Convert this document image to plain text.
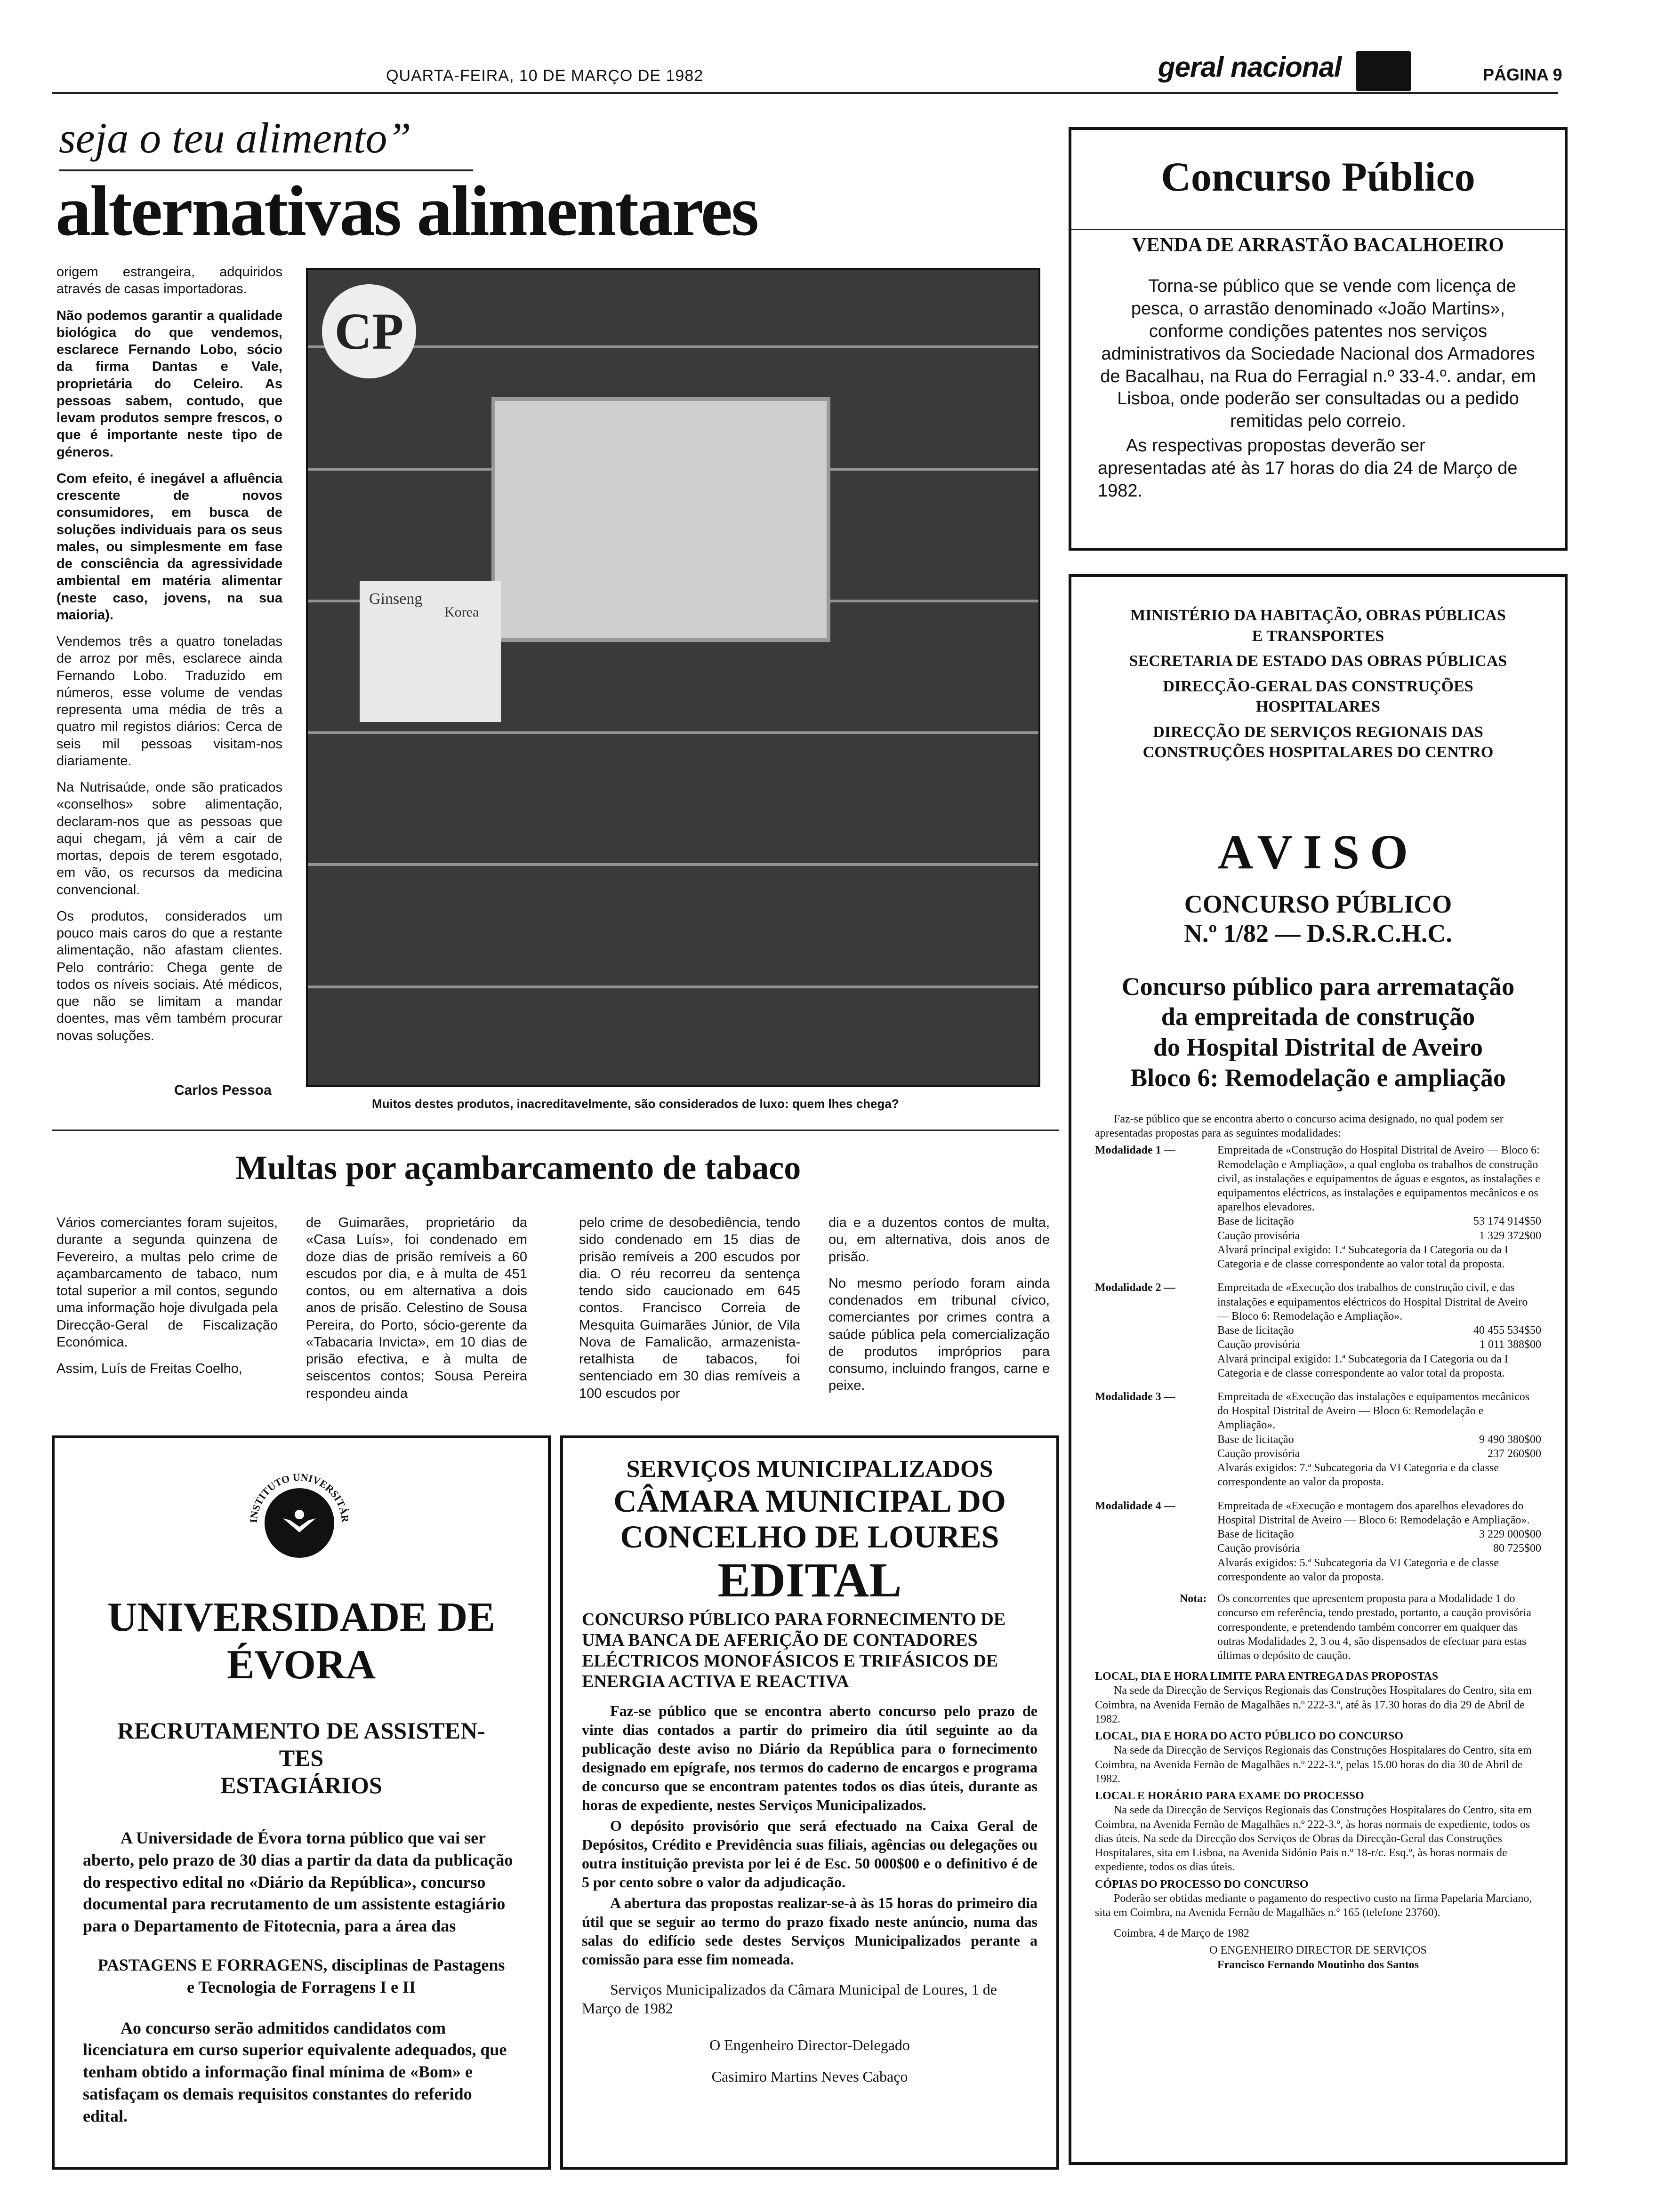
QUARTA-FEIRA, 10 DE MARÇO DE 1982	geral nacional	PÁGINA 9
seja o teu alimento”
alternativas alimentares

origem estrangeira, adquiridos através de casas importadoras.

Não podemos garantir a qualidade biológica do que vendemos, esclarece Fernando Lobo, sócio da firma Dantas e Vale, proprietária do Celeiro. As pessoas sabem, contudo, que levam produtos sempre frescos, o que é importante neste tipo de géneros.

Com efeito, é inegável a afluência crescente de novos consumidores, em busca de soluções individuais para os seus males, ou simplesmente em fase de consciência da agressividade ambiental em matéria alimentar (neste caso, jovens, na sua maioria).

Vendemos três a quatro toneladas de arroz por mês, esclarece ainda Fernando Lobo. Traduzido em números, esse volume de vendas representa uma média de três a quatro mil registos diários: Cerca de seis mil pessoas visitam-nos diariamente.

Na Nutrisaúde, onde são praticados «conselhos» sobre alimentação, declaram-nos que as pessoas que aqui chegam, já vêm a cair de mortas, depois de terem esgotado, em vão, os recursos da medicina convencional.

Os produtos, considerados um pouco mais caros do que a restante alimentação, não afastam clientes. Pelo contrário: Chega gente de todos os níveis sociais. Até médicos, que não se limitam a mandar doentes, mas vêm também procurar novas soluções.

Carlos Pessoa
CP
Ginseng
Korea
Muitos destes produtos, inacreditavelmente, são considerados de luxo: quem lhes chega?
Multas por açambarcamento de tabaco

Vários comerciantes foram sujeitos, durante a segunda quinzena de Fevereiro, a multas pelo crime de açambarcamento de tabaco, num total superior a mil contos, segundo uma informação hoje divulgada pela Direcção-Geral de Fiscalização Económica.

Assim, Luís de Freitas Coelho,

de Guimarães, proprietário da «Casa Luís», foi condenado em doze dias de prisão remíveis a 60 escudos por dia, e à multa de 451 contos, ou em alternativa a dois anos de prisão. Celestino de Sousa Pereira, do Porto, sócio-gerente da «Tabacaria Invicta», em 10 dias de prisão efectiva, e à multa de seiscentos contos; Sousa Pereira respondeu ainda

pelo crime de desobediência, tendo sido condenado em 15 dias de prisão remíveis a 200 escudos por dia. O réu recorreu da sentença tendo sido caucionado em 645 contos. Francisco Correia de Mesquita Guimarães Júnior, de Vila Nova de Famalicão, armazenista-retalhista de tabacos, foi sentenciado em 30 dias remíveis a 100 escudos por

dia e a duzentos contos de multa, ou, em alternativa, dois anos de prisão.

No mesmo período foram ainda condenados em tribunal cívico, comerciantes por crimes contra a saúde pública pela comercialização de produtos impróprios para consumo, incluindo frangos, carne e peixe.

Concurso Público
VENDA DE ARRASTÃO BACALHOEIRO
Torna-se público que se vende com licença de pesca, o arrastão denominado «João Martins», conforme condições patentes nos serviços administrativos da Sociedade Nacional dos Armadores de Bacalhau, na Rua do Ferragial n.º 33-4.º. andar, em Lisboa, onde poderão ser consultadas ou a pedido remitidas pelo correio.
As respectivas propostas deverão ser apresentadas até às 17 horas do dia 24 de Março de 1982.
MINISTÉRIO DA HABITAÇÃO, OBRAS PÚBLICAS
E TRANSPORTES
SECRETARIA DE ESTADO DAS OBRAS PÚBLICAS
DIRECÇÃO-GERAL DAS CONSTRUÇÕES
HOSPITALARES
DIRECÇÃO DE SERVIÇOS REGIONAIS DAS
CONSTRUÇÕES HOSPITALARES DO CENTRO
AVISO
CONCURSO PÚBLICO
N.º 1/82 — D.S.R.C.H.C.
Concurso público para arrematação
da empreitada de construção
do Hospital Distrital de Aveiro
Bloco 6: Remodelação e ampliação
Faz-se público que se encontra aberto o concurso acima designado, no qual podem ser apresentadas propostas para as seguintes modalidades:
Modalidade 1 —	Empreitada de «Construção do Hospital Distrital de Aveiro — Bloco 6: Remodelação e Ampliação», a qual engloba os trabalhos de construção civil, as instalações e equipamentos de águas e esgotos, as instalações e equipamentos eléctricos, as instalações e equipamentos mecânicos e os aparelhos elevadores.
Base de licitação	53 174 914$50
Caução provisória	1 329 372$00
Alvará principal exigido: 1.ª Subcategoria da I Categoria ou da I Categoria e de classe correspondente ao valor total da proposta.
Modalidade 2 —	Empreitada de «Execução dos trabalhos de construção civil, e das instalações e equipamentos eléctricos do Hospital Distrital de Aveiro — Bloco 6: Remodelação e Ampliação».
Base de licitação	40 455 534$50
Caução provisória	1 011 388$00
Alvará principal exigido: 1.ª Subcategoria da I Categoria ou da I Categoria e de classe correspondente ao valor total da proposta.
Modalidade 3 —	Empreitada de «Execução das instalações e equipamentos mecânicos do Hospital Distrital de Aveiro — Bloco 6: Remodelação e Ampliação».
Base de licitação	9 490 380$00
Caução provisória	237 260$00
Alvarás exigidos: 7.ª Subcategoria da VI Categoria e da classe correspondente ao valor da proposta.
Modalidade 4 —	Empreitada de «Execução e montagem dos aparelhos elevadores do Hospital Distrital de Aveiro — Bloco 6: Remodelação e Ampliação».
Base de licitação	3 229 000$00
Caução provisória	80 725$00
Alvarás exigidos: 5.ª Subcategoria da VI Categoria e de classe correspondente ao valor da proposta.
Nota: Os concorrentes que apresentem proposta para a Modalidade 1 do concurso em referência, tendo prestado, portanto, a caução provisória correspondente, e pretendendo também concorrer em qualquer das outras Modalidades 2, 3 ou 4, são dispensados de efectuar para estas últimas o depósito de caução.
LOCAL, DIA E HORA LIMITE PARA ENTREGA DAS PROPOSTAS
Na sede da Direcção de Serviços Regionais das Construções Hospitalares do Centro, sita em Coimbra, na Avenida Fernão de Magalhães n.º 222-3.º, até às 17.30 horas do dia 29 de Abril de 1982.
LOCAL, DIA E HORA DO ACTO PÚBLICO DO CONCURSO
Na sede da Direcção de Serviços Regionais das Construções Hospitalares do Centro, sita em Coimbra, na Avenida Fernão de Magalhães n.º 222-3.º, pelas 15.00 horas do dia 30 de Abril de 1982.
LOCAL E HORÁRIO PARA EXAME DO PROCESSO
Na sede da Direcção de Serviços Regionais das Construções Hospitalares do Centro, sita em Coimbra, na Avenida Fernão de Magalhães n.º 222-3.º, às horas normais de expediente, todos os dias úteis. Na sede da Direcção dos Serviços de Obras da Direcção-Geral das Construções Hospitalares, sita em Lisboa, na Avenida Sidónio Pais n.º 18-r/c. Esq.º, às horas normais de expediente, todos os dias úteis.
CÓPIAS DO PROCESSO DO CONCURSO
Poderão ser obtidas mediante o pagamento do respectivo custo na firma Papelaria Marciano, sita em Coimbra, na Avenida Fernão de Magalhães n.º 165 (telefone 23760).
Coimbra, 4 de Março de 1982
O ENGENHEIRO DIRECTOR DE SERVIÇOS
Francisco Fernando Moutinho dos Santos
INSTITUTO UNIVERSITÁR
UNIVERSIDADE DE
ÉVORA
RECRUTAMENTO DE ASSISTEN-
TES
ESTAGIÁRIOS
A Universidade de Évora torna público que vai ser aberto, pelo prazo de 30 dias a partir da data da publicação do respectivo edital no «Diário da República», concurso documental para recrutamento de um assistente estagiário para o Departamento de Fitotecnia, para a área das
PASTAGENS E FORRAGENS, disciplinas de Pastagens e Tecnologia de Forragens I e II
Ao concurso serão admitidos candidatos com licenciatura em curso superior equivalente adequados, que tenham obtido a informação final mínima de «Bom» e satisfaçam os demais requisitos constantes do referido edital.
SERVIÇOS MUNICIPALIZADOS
CÂMARA MUNICIPAL DO
CONCELHO DE LOURES
EDITAL
CONCURSO PÚBLICO PARA FORNECIMENTO DE UMA BANCA DE AFERIÇÃO DE CONTADORES ELÉCTRICOS MONOFÁSICOS E TRIFÁSICOS DE ENERGIA ACTIVA E REACTIVA
Faz-se público que se encontra aberto concurso pelo prazo de vinte dias contados a partir do primeiro dia útil seguinte ao da publicação deste aviso no Diário da República para o fornecimento designado em epígrafe, nos termos do caderno de encargos e programa de concurso que se encontram patentes todos os dias úteis, durante as horas de expediente, nestes Serviços Municipalizados.
O depósito provisório que será efectuado na Caixa Geral de Depósitos, Crédito e Previdência suas filiais, agências ou delegações ou outra instituição prevista por lei é de Esc. 50 000$00 e o definitivo é de 5 por cento sobre o valor da adjudicação.
A abertura das propostas realizar-se-à às 15 horas do primeiro dia útil que se seguir ao termo do prazo fixado neste anúncio, numa das salas do edifício sede destes Serviços Municipalizados perante a comissão para esse fim nomeada.
Serviços Municipalizados da Câmara Municipal de Loures, 1 de Março de 1982
O Engenheiro Director-Delegado
Casimiro Martins Neves Cabaço
